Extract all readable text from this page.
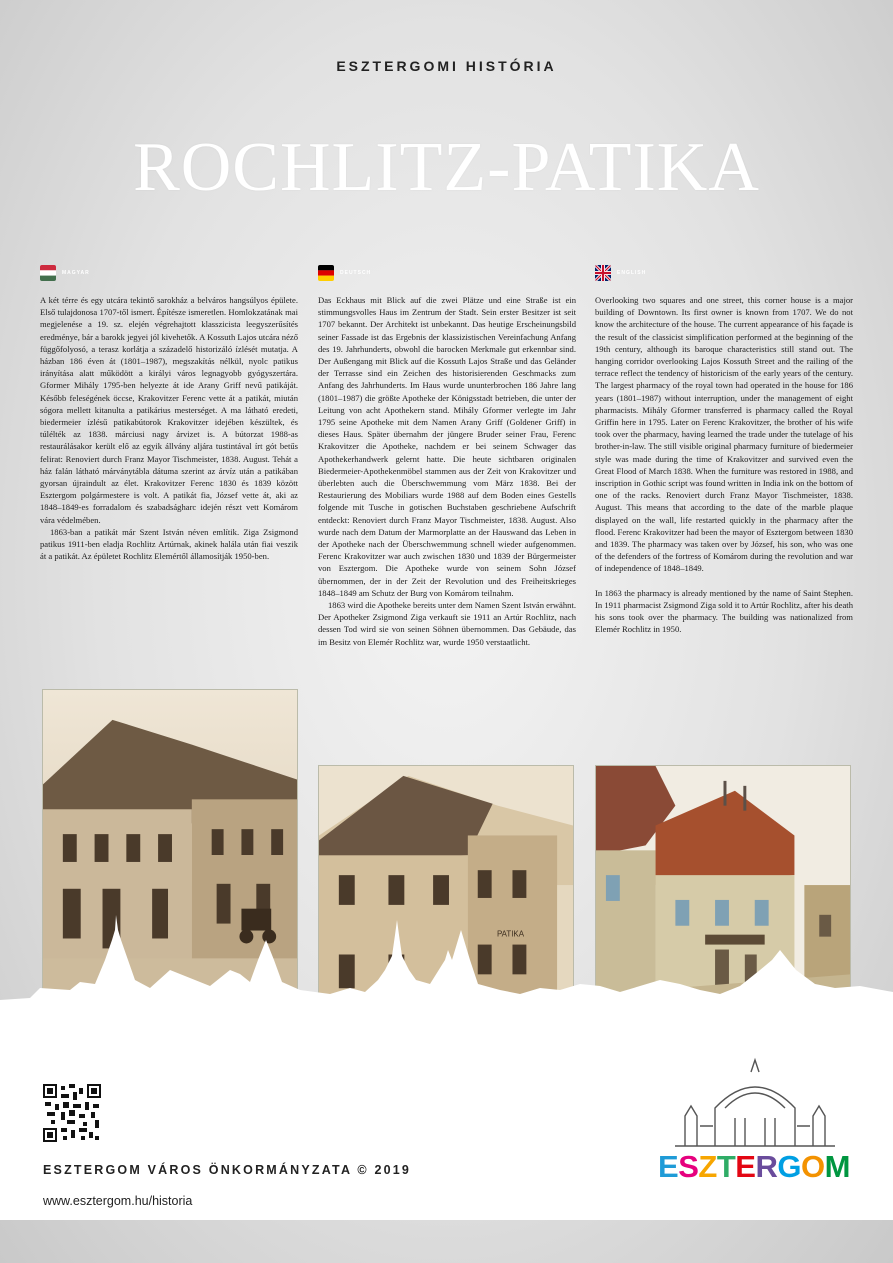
ESZTERGOMI HISTÓRIA
ROCHLITZ-PATIKA
MAGYAR

A két térre és egy utcára tekintő sarokház a belváros hangsúlyos épülete. Első tulajdonosa 1707-től ismert. Építésze ismeretlen. Homlokzatának mai megjelenése a 19. sz. elején végrehajtott klasszicista leegyszerűsítés eredménye, bár a barokk jegyei jól kivehetők. A Kossuth Lajos utcára néző függőfolyosó, a terasz korlátja a századelő historizáló ízlését mutatja. A házban 186 éven át (1801–1987), megszakítás nélkül, nyolc patikus irányítása alatt működött a királyi város legnagyobb gyógyszertára. Gformer Mihály 1795-ben helyezte át ide Arany Griff nevű patikáját. Később feleségének öccse, Krakovitzer Ferenc vette át a patikát, miután sógora mellett kitanulta a patikárius mesterséget. A ma látható eredeti, biedermeier ízlésű patikabútorok Krakovitzer idejében készültek, és túlélték az 1838. márciusi nagy árvizet is. A bútorzat 1988-as restaurálásakor került elő az egyik állvány aljára tustintával írt gót betűs felirat: Renoviert durch Franz Mayor Tischmeister, 1838. August. Tehát a ház falán látható márványtábla dátuma szerint az árvíz után a patikában gyorsan újraindult az élet. Krakovitzer Ferenc 1830 és 1839 között Esztergom polgármestere is volt. A patikát fia, József vette át, aki az 1848–1849-es forradalom és szabadságharc idején részt vett Komárom vára védelmében.

1863-ban a patikát már Szent István néven említik. Ziga Zsigmond patikus 1911-ben eladja Rochlitz Artúrnak, akinek halála után fiai veszik át a patikát. Az épületet Rochlitz Elemértől államosítják 1950-ben.

DEUTSCH

Das Eckhaus mit Blick auf die zwei Plätze und eine Straße ist ein stimmungsvolles Haus im Zentrum der Stadt. Sein erster Besitzer ist seit 1707 bekannt. Der Architekt ist unbekannt. Das heutige Erscheinungsbild seiner Fassade ist das Ergebnis der klassizistischen Vereinfachung Anfang des 19. Jahrhunderts, obwohl die barocken Merkmale gut erkennbar sind. Der Außengang mit Blick auf die Kossuth Lajos Straße und das Geländer der Terrasse sind ein Zeichen des historisierenden Geschmacks zum Anfang des Jahrhunderts. Im Haus wurde ununterbrochen 186 Jahre lang (1801–1987) die größte Apotheke der Königsstadt betrieben, die unter der Leitung von acht Apothekern stand. Mihály Gformer verlegte im Jahr 1795 seine Apotheke mit dem Namen Arany Griff (Goldener Griff) in dieses Haus. Später übernahm der jüngere Bruder seiner Frau, Ferenc Krakovitzer die Apotheke, nachdem er bei seinem Schwager das Apothekerhandwerk gelernt hatte. Die heute sichtbaren originalen Biedermeier-Apothekenmöbel stammen aus der Zeit von Krakovitzer und überlebten auch die Überschwemmung vom März 1838. Bei der Restaurierung des Mobiliars wurde 1988 auf dem Boden eines Gestells folgende mit Tusche in gotischen Buchstaben geschriebene Aufschrift entdeckt: Renoviert durch Franz Mayor Tischmeister, 1838. August. Also wurde nach dem Datum der Marmorplatte an der Hauswand das Leben in der Apotheke nach der Überschwemmung schnell wieder aufgenommen. Ferenc Krakovitzer war auch zwischen 1830 und 1839 der Bürgermeister von Esztergom. Die Apotheke wurde von seinem Sohn József übernommen, der in der Zeit der Revolution und des Freiheitskrieges 1848–1849 am Schutz der Burg von Komárom teilnahm.

1863 wird die Apotheke bereits unter dem Namen Szent István erwähnt. Der Apotheker Zsigmond Ziga verkauft sie 1911 an Artúr Rochlitz, nach dessen Tod wird sie von seinen Söhnen übernommen. Das Gebäude, das im Besitz von Elemér Rochlitz war, wurde 1950 verstaatlicht.

ENGLISH

Overlooking two squares and one street, this corner house is a major building of Downtown. Its first owner is known from 1707. We do not know the architecture of the house. The current appearance of his façade is the result of the classicist simplification performed at the beginning of the 19th century, although its baroque characteristics still stand out. The hanging corridor overlooking Lajos Kossuth Street and the railing of the terrace reflect the tendency of historicism of the early years of the century. The largest pharmacy of the royal town had operated in the house for 186 years (1801–1987) without interruption, under the management of eight pharmacists. Mihály Gformer transferred is pharmacy called the Royal Griffin here in 1795. Later on Ferenc Krakovitzer, the brother of his wife took over the pharmacy, having learned the trade under the tutelage of his brother-in-law. The still visible original pharmacy furniture of biedermeier style was made during the time of Krakovitzer and survived even the Great Flood of March 1838. When the furniture was restored in 1988, and inscription in Gothic script was found written in India ink on the bottom of one of the racks. Renoviert durch Franz Mayor Tischmeister, 1838. August. This means that according to the date of the marble plaque displayed on the wall, life restarted quickly in the pharmacy after the flood. Ferenc Krakovitzer had been the mayor of Esztergom between 1830 and 1839. The pharmacy was taken over by József, his son, who was one of the defenders of the fortress of Komárom during the revolution and war of independence of 1848–1849.

In 1863 the pharmacy is already mentioned by the name of Saint Stephen. In 1911 pharmacist Zsigmond Ziga sold it to Artúr Rochlitz, after his death his sons took over the pharmacy. The building was nationalized from Elemér Rochlitz in 1950.

PATIKA
ESZTERGOM VÁROS ÖNKORMÁNYZATA © 2019
www.esztergom.hu/historia
ESZTERGOM
